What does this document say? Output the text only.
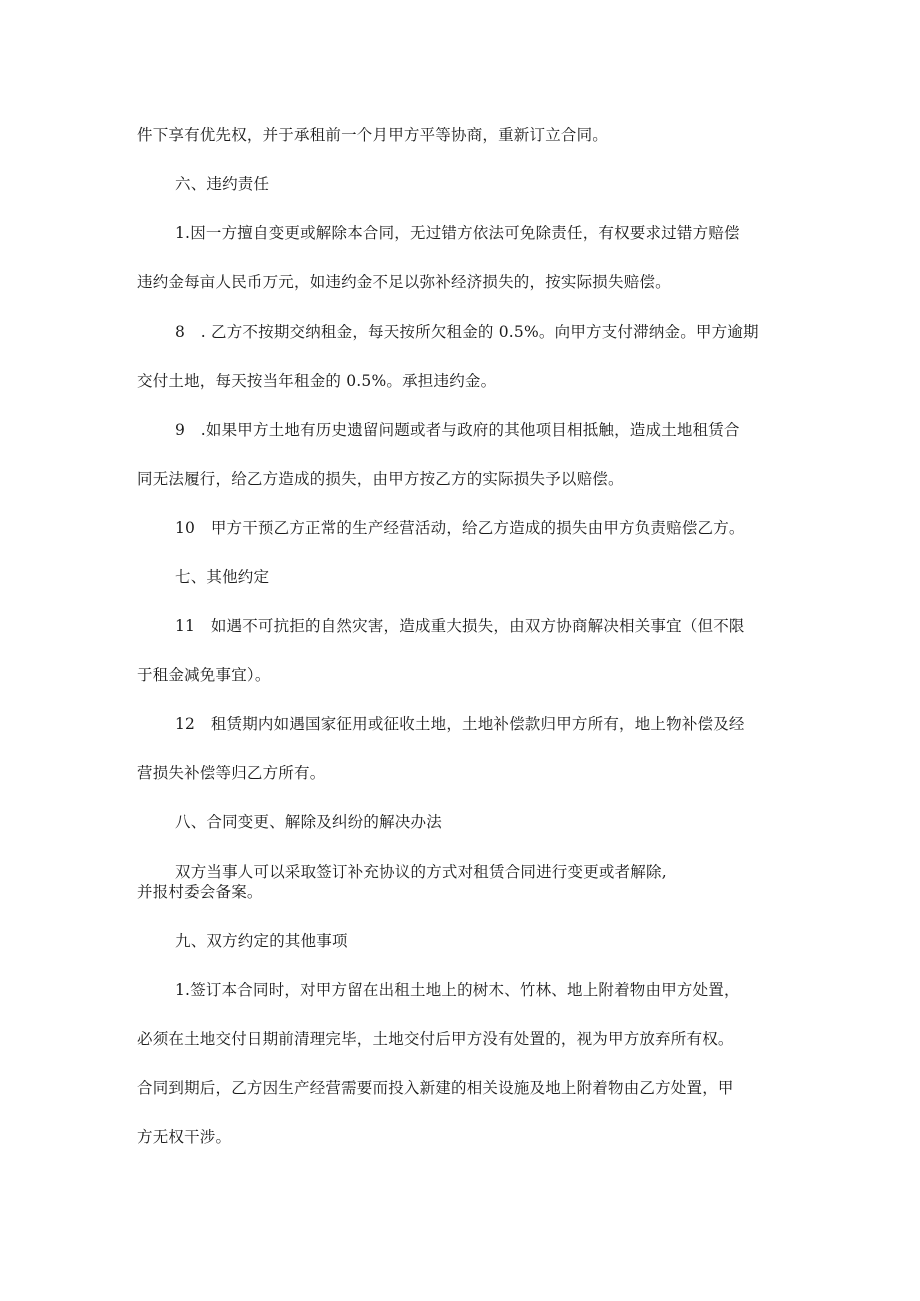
件下享有优先权，并于承租前一个月甲方平等协商，重新订立合同。
六、违约责任
1.因一方擅自变更或解除本合同，无过错方依法可免除责任，有权要求过错方赔偿
违约金每亩人民币万元，如违约金不足以弥补经济损失的，按实际损失赔偿。
8　. 乙方不按期交纳租金，每天按所欠租金的 0.5%。向甲方支付滞纳金。甲方逾期
交付土地，每天按当年租金的 0.5%。承担违约金。
9　.如果甲方土地有历史遗留问题或者与政府的其他项目相抵触，造成土地租赁合
同无法履行，给乙方造成的损失，由甲方按乙方的实际损失予以赔偿。
10　甲方干预乙方正常的生产经营活动，给乙方造成的损失由甲方负责赔偿乙方。
七、其他约定
11　如遇不可抗拒的自然灾害，造成重大损失，由双方协商解决相关事宜（但不限
于租金减免事宜）。
12　租赁期内如遇国家征用或征收土地，土地补偿款归甲方所有，地上物补偿及经
营损失补偿等归乙方所有。
八、合同变更、解除及纠纷的解决办法
双方当事人可以采取签订补充协议的方式对租赁合同进行变更或者解除,
并报村委会备案。
九、双方约定的其他事项
1.签订本合同时，对甲方留在出租土地上的树木、竹林、地上附着物由甲方处置，
必须在土地交付日期前清理完毕，土地交付后甲方没有处置的，视为甲方放弃所有权。
合同到期后，乙方因生产经营需要而投入新建的相关设施及地上附着物由乙方处置，甲
方无权干涉。
